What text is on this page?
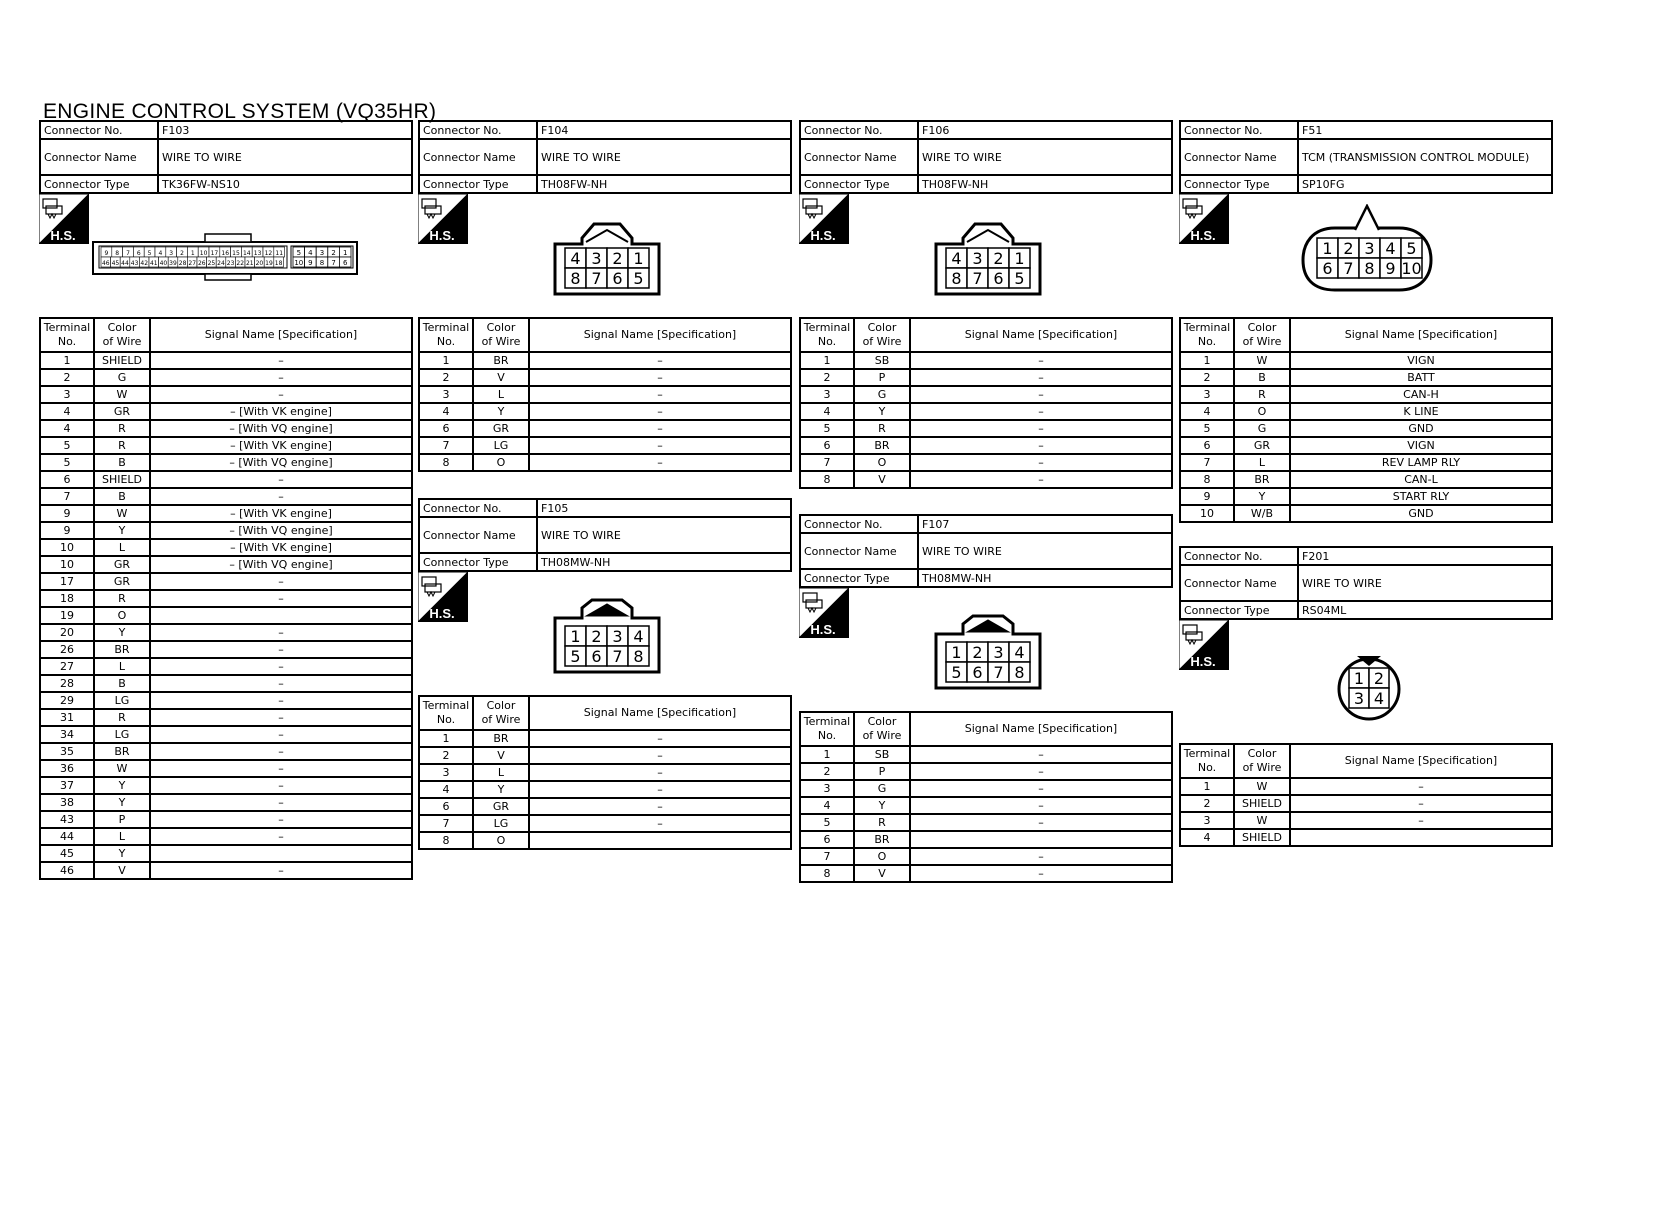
ENGINE CONTROL SYSTEM (VQ35HR)
Connector No.	F103
Connector Name	WIRE TO WIRE
Connector Type	TK36FW-NS10
H.S.
9 8 7 6 5 4 3 2 1 10 17 16 15 14 13 12 11
46 45 44 43 42 41 40 39 28 27 26 25 24 23 22 21 20 19 18
5 4 3 2 1
10 9 8 7 6
Terminal
No.	Color
of Wire	Signal Name [Specification]
1	SHIELD	–
2	G	–
3	W	–
4	GR	– [With VK engine]
4	R	– [With VQ engine]
5	R	– [With VK engine]
5	B	– [With VQ engine]
6	SHIELD	–
7	B	–
9	W	– [With VK engine]
9	Y	– [With VQ engine]
10	L	– [With VK engine]
10	GR	– [With VQ engine]
17	GR	–
18	R	–
19	O	
20	Y	–
26	BR	–
27	L	–
28	B	–
29	LG	–
31	R	–
34	LG	–
35	BR	–
36	W	–
37	Y	–
38	Y	–
43	P	–
44	L	–
45	Y	
46	V	–
Connector No.	F104
Connector Name	WIRE TO WIRE
Connector Type	TH08FW-NH
H.S.
4 3 2 1
8 7 6 5
Terminal
No.	Color
of Wire	Signal Name [Specification]
1	BR	–
2	V	–
3	L	–
4	Y	–
6	GR	–
7	LG	–
8	O	–
Connector No.	F105
Connector Name	WIRE TO WIRE
Connector Type	TH08MW-NH
H.S.
1 2 3 4
5 6 7 8
Terminal
No.	Color
of Wire	Signal Name [Specification]
1	BR	–
2	V	–
3	L	–
4	Y	–
6	GR	–
7	LG	–
8	O	
Connector No.	F106
Connector Name	WIRE TO WIRE
Connector Type	TH08FW-NH
H.S.
4 3 2 1
8 7 6 5
Terminal
No.	Color
of Wire	Signal Name [Specification]
1	SB	–
2	P	–
3	G	–
4	Y	–
5	R	–
6	BR	–
7	O	–
8	V	–
Connector No.	F107
Connector Name	WIRE TO WIRE
Connector Type	TH08MW-NH
H.S.
1 2 3 4
5 6 7 8
Terminal
No.	Color
of Wire	Signal Name [Specification]
1	SB	–
2	P	–
3	G	–
4	Y	–
5	R	–
6	BR	
7	O	–
8	V	–
Connector No.	F51
Connector Name	TCM (TRANSMISSION CONTROL MODULE)
Connector Type	SP10FG
H.S.
1 2 3 4 5
6 7 8 9 10
Terminal
No.	Color
of Wire	Signal Name [Specification]
1	W	VIGN
2	B	BATT
3	R	CAN-H
4	O	K LINE
5	G	GND
6	GR	VIGN
7	L	REV LAMP RLY
8	BR	CAN-L
9	Y	START RLY
10	W/B	GND
Connector No.	F201
Connector Name	WIRE TO WIRE
Connector Type	RS04ML
H.S.
1 2
3 4
Terminal
No.	Color
of Wire	Signal Name [Specification]
1	W	–
2	SHIELD	–
3	W	–
4	SHIELD	
